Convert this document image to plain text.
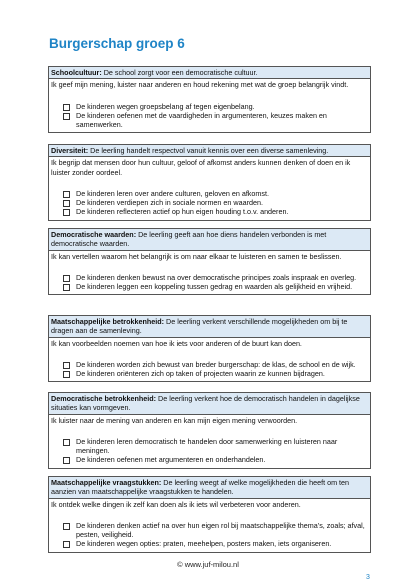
Burgerschap groep 6
Schoolcultuur: De school zorgt voor een democratische cultuur.
Ik geef mijn mening, luister naar anderen en houd rekening met wat de groep belangrijk vindt.
De kinderen wegen groepsbelang af tegen eigenbelang.
De kinderen oefenen met de vaardigheden in argumenteren, keuzes maken en samenwerken.
Diversiteit: De leerling handelt respectvol vanuit kennis over een diverse samenleving.
Ik begrijp dat mensen door hun cultuur, geloof of afkomst anders kunnen denken of doen en ik luister zonder oordeel.
De kinderen leren over andere culturen, geloven en afkomst.
De kinderen verdiepen zich in sociale normen en waarden.
De kinderen reflecteren actief op hun eigen houding t.o.v. anderen.
Democratische waarden: De leerling geeft aan hoe diens handelen verbonden is met democratische waarden.
Ik kan vertellen waarom het belangrijk is om naar elkaar te luisteren en samen te beslissen.
De kinderen denken bewust na over democratische principes zoals inspraak en overleg.
De kinderen leggen een koppeling tussen gedrag en waarden als gelijkheid en vrijheid.
Maatschappelijke betrokkenheid: De leerling verkent verschillende mogelijkheden om bij te dragen aan de samenleving.
Ik kan voorbeelden noemen van hoe ik iets voor anderen of de buurt kan doen.
De kinderen worden zich bewust van breder burgerschap: de klas, de school en de wijk.
De kinderen oriënteren zich op taken of projecten waarin ze kunnen bijdragen.
Democratische betrokkenheid: De leerling verkent hoe de democratisch handelen in dagelijkse situaties kan vormgeven.
Ik luister naar de mening van anderen en kan mijn eigen mening verwoorden.
De kinderen leren democratisch te handelen door samenwerking en luisteren naar meningen.
De kinderen oefenen met argumenteren en onderhandelen.
Maatschappelijke vraagstukken: De leerling weegt af welke mogelijkheden die heeft om ten aanzien van maatschappelijke vraagstukken te handelen.
Ik ontdek welke dingen ik zelf kan doen als ik iets wil verbeteren voor anderen.
De kinderen denken actief na over hun eigen rol bij maatschappelijke thema’s, zoals; afval, pesten, veiligheid.
De kinderen wegen opties: praten, meehelpen, posters maken, iets organiseren.
© www.juf-milou.nl
3
